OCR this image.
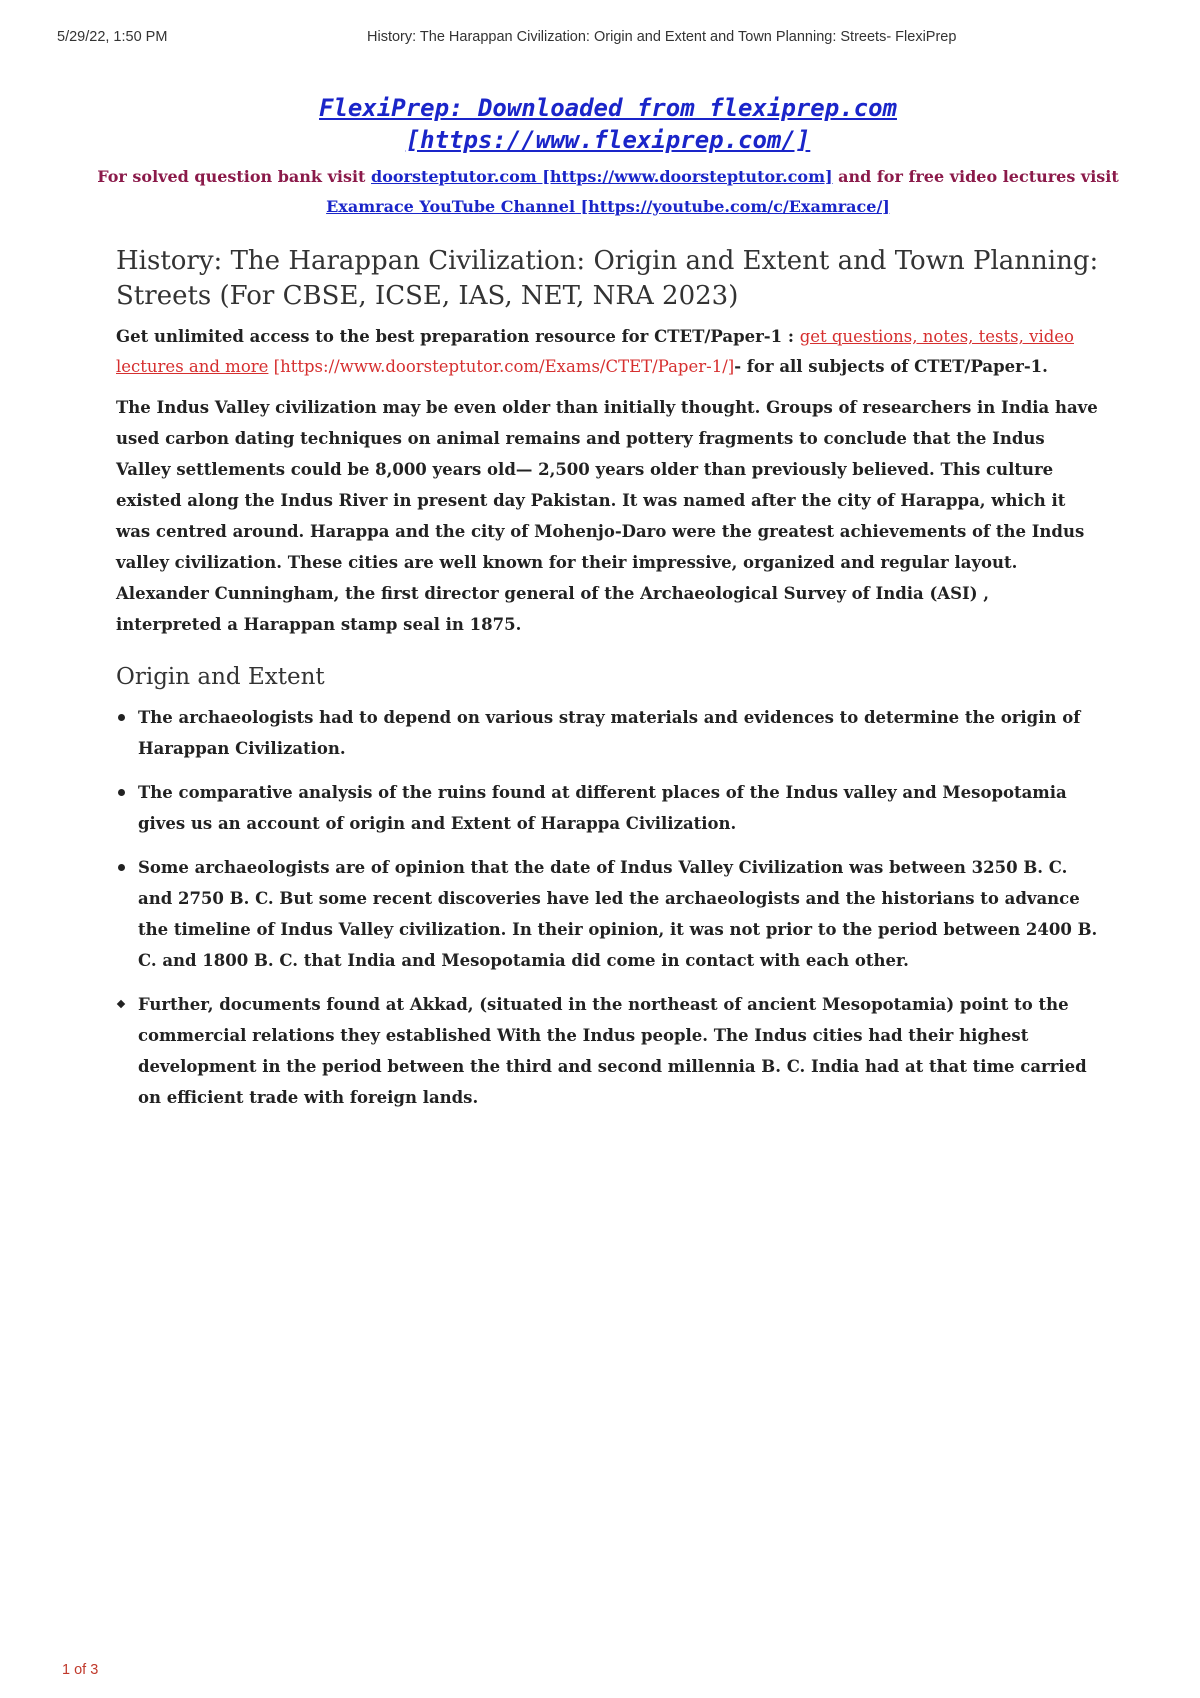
5/29/22, 1:50 PM	History: The Harappan Civilization: Origin and Extent and Town Planning: Streets- FlexiPrep
FlexiPrep: Downloaded from flexiprep.com [https://www.flexiprep.com/]
For solved question bank visit doorsteptutor.com [https://www.doorsteptutor.com] and for free video lectures visit Examrace YouTube Channel [https://youtube.com/c/Examrace/]
History: The Harappan Civilization: Origin and Extent and Town Planning: Streets (For CBSE, ICSE, IAS, NET, NRA 2023)

Get unlimited access to the best preparation resource for CTET/Paper-1 : get questions, notes, tests, video lectures and more [https://www.doorsteptutor.com/Exams/CTET/Paper-1/]- for all subjects of CTET/Paper-1.

The Indus Valley civilization may be even older than initially thought. Groups of researchers in India have used carbon dating techniques on animal remains and pottery fragments to conclude that the Indus Valley settlements could be 8,000 years old— 2,500 years older than previously believed. This culture existed along the Indus River in present day Pakistan. It was named after the city of Harappa, which it was centred around. Harappa and the city of Mohenjo-Daro were the greatest achievements of the Indus valley civilization. These cities are well known for their impressive, organized and regular layout. Alexander Cunningham, the first director general of the Archaeological Survey of India (ASI) , interpreted a Harappan stamp seal in 1875.

Origin and Extent
The archaeologists had to depend on various stray materials and evidences to determine the origin of Harappan Civilization.
The comparative analysis of the ruins found at different places of the Indus valley and Mesopotamia gives us an account of origin and Extent of Harappa Civilization.
Some archaeologists are of opinion that the date of Indus Valley Civilization was between 3250 B. C. and 2750 B. C. But some recent discoveries have led the archaeologists and the historians to advance the timeline of Indus Valley civilization. In their opinion, it was not prior to the period between 2400 B. C. and 1800 B. C. that India and Mesopotamia did come in contact with each other.
Further, documents found at Akkad, (situated in the northeast of ancient Mesopotamia) point to the commercial relations they established With the Indus people. The Indus cities had their highest development in the period between the third and second millennia B. C. India had at that time carried on efficient trade with foreign lands.
1 of 3
